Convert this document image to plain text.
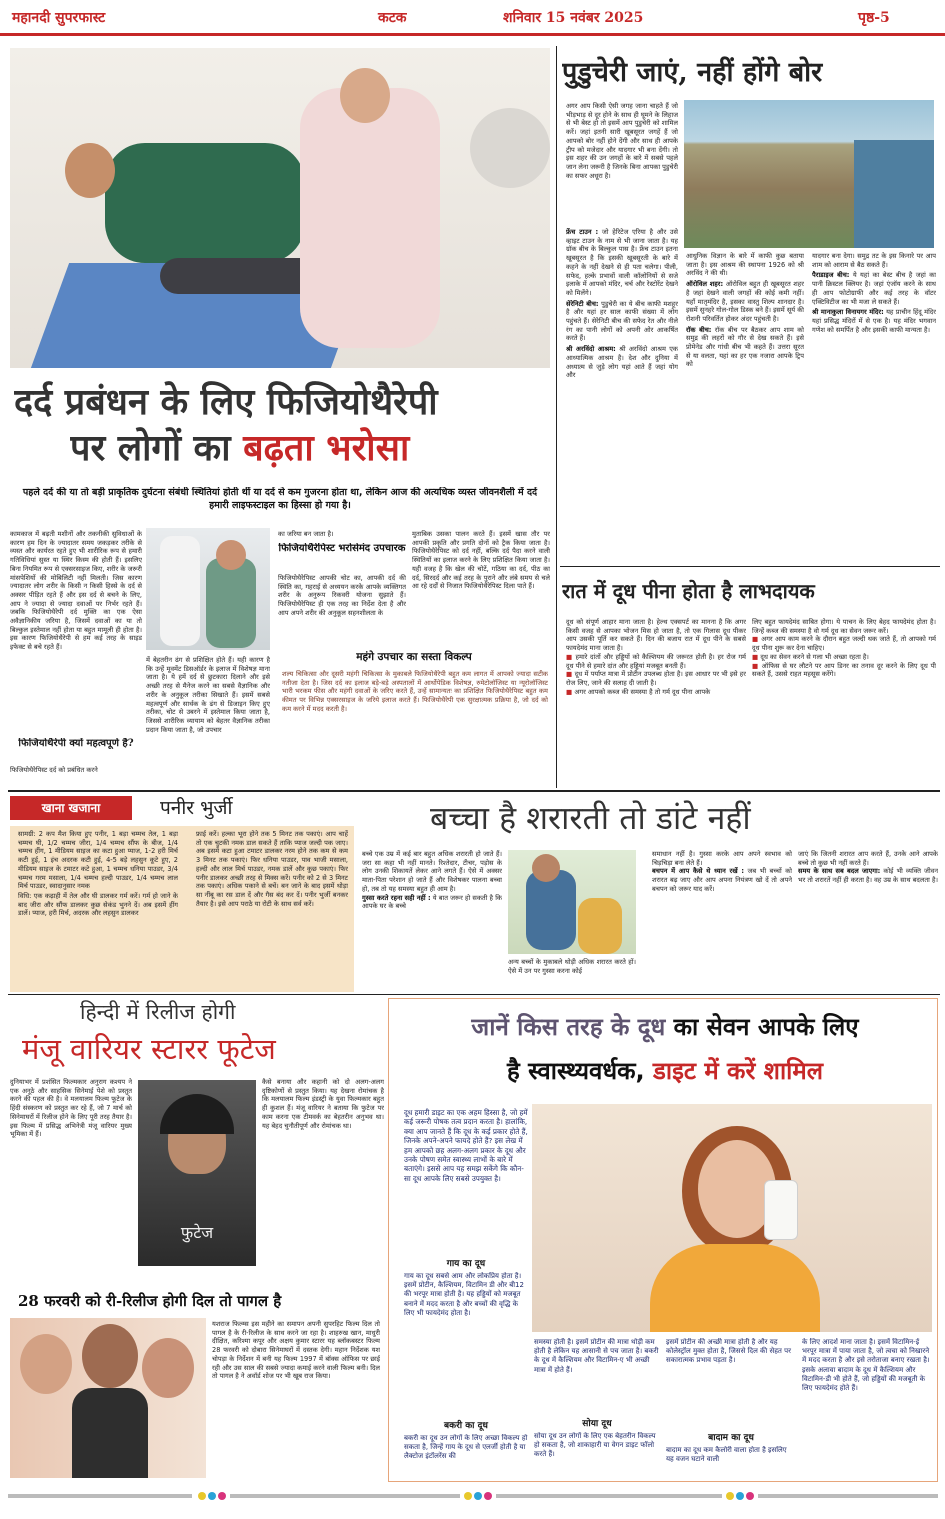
महानदी सुपरफास्ट	कटक	शनिवार 15 नवंबर 2025	पृष्ठ-5
दर्द प्रबंधन के लिए फिजियोथैरेपी
पर लोगों का बढ़ता भरोसा
पहले दर्द की या तो बड़ी प्राकृतिक दुर्घटना संबंधी स्थितियां होती थीं या दर्द से कम गुजरना होता था, लेकिन आज की अत्यधिक व्यस्त जीवनशैली में दर्द हमारी लाइफस्टाइल का हिस्सा हो गया है।
कामकाज में बढ़ती मशीनों और तकनीकी सुविधाओं के कारण हम दिन के ज्यादातर समय जकड़कर तरीके से व्यस्त और कार्यरत रहते हुए भी शारीरिक रूप से हमारी गतिविधियां सुस्त या स्थिर किस्म की होती हैं। इसलिए बिना नियमित रूप से एक्सरसाइज किए, शरीर के जरूरी मांसपेशियों की मोबिलिटी नहीं मिलती। जिस कारण ज्यादातर लोग शरीर के किसी न किसी हिस्से के दर्द से अक्सर पीड़ित रहते हैं और इस दर्द से बचने के लिए, आप ने ज्यादा से ज्यादा दवाओं पर निर्भर रहते हैं। जबकि फिजियोथैरेपी दर्द मुक्ति का एक ऐसा अवैज्ञानिकीय जरिया है, जिसमें दवाओं का या तो बिल्कुल इस्तेमाल नहीं होता या बहुत मामूली ही होता है। इस कारण फिजियोथैरेपी से हम कई तरह के साइड इफेक्ट से बचे रहते हैं।
फिजियोथैरेपी क्यों महत्वपूर्ण है?
फिजियोथैरेपिस्ट दर्द को प्रबंधित करने
में बेहतरीन ढंग से प्रशिक्षित होते हैं। यही कारण है कि उन्हें मूवमेंट डिसऑर्डर के इलाज में विशेषज्ञ माना जाता है। ये हमें दर्द से छुटकारा दिलाने और इसे अच्छी तरह से मैनेज करने का सबसे वैज्ञानिक और शरीर के अनुकूल तरीका सिखाते हैं। इसमें सबसे महत्वपूर्ण और सार्थक के ढंग से डिजाइन किए हुए तरीका, चोट से उबरने में इस्तेमाल किया जाता है, जिससे शारीरिक व्यायाम को बेहतर वैज्ञानिक तरीका प्रदान किया जाता है, जो उपचार
का जरिया बन जाता है।
फिजियोथैरेपिस्ट भरोसेमंद उपचारक
फिजियोथैरेपिस्ट आपकी चोट का, आपकी दर्द की स्थिति का, गहराई से अध्ययन करके आपके व्यक्तिगत शरीर के अनुरूप रिकवरी योजना सुझाते हैं। फिजियोथैरेपिस्ट ही एक तरह का निर्देश देता है और आप अपने शरीर की अनुकूल सहनशीलता के
मुताबिक उसका पालन करते हैं। इसमें खास तौर पर आपकी प्रकृति और प्रगति दोनों को ट्रैक किया जाता है। फिजियोथैरेपिस्ट को दर्द नहीं, बल्कि दर्द पैदा करने वाली स्थितियों का इलाज करने के लिए प्रशिक्षित किया जाता है। यही वजह है कि खेल की चोटें, गठिया का दर्द, पीठ का दर्द, सिरदर्द और कई तरह के पुराने और लंबे समय से चले आ रहे दर्दों से निजात फिजियोथैरेपिस्ट दिला पाते हैं।
महंगे उपचार का सस्ता विकल्प
शल्य चिकित्सा और दूसरी महंगी चिकित्सा के मुकाबले फिजियोथैरेपी बहुत कम लागत में आपको ज्यादा सटीक नतीजा देता है। जिस दर्द का इलाज बड़े-बड़े अस्पतालों में आर्थोपेडिक विशेषज्ञ, रुमेटोलॉजिस्ट या न्यूरोलॉजिस्ट भारी भरकम फीस और महंगी दवाओं के जरिए करते हैं, उन्हें सामान्यतः का प्रशिक्षित फिजियोथैरेपिस्ट बहुत कम कीमत पर विभिन्न एक्सरसाइज के जरिये इलाज करते हैं। फिजियोथैरेपी एक सुरक्षात्मक प्रक्रिया है, जो दर्द को कम करने में मदद करती है।
पुडुचेरी जाएं, नहीं होंगे बोर
अगर आप किसी ऐसी जगह जाना चाहते हैं जो भीड़भाड़ से दूर होने के साथ ही घूमने के लिहाज से भी बेस्ट हो तो इसमें आप पुडुचेरी को शामिल करें। जहां इतनी सारी खूबसूरत जगहें हैं जो आपको बोर नहीं होने देंगी और साथ ही आपके ट्रीप को मजेदार और यादगार भी बना देंगी। तो इस शहर की उन जगहों के बारे में सबसे पहले जान लेना जरूरी है जिनके बिना आपका पुडुचेरी का सफर अधूरा है।
फ्रेंच टाउन : जो हेरिटेज एरिया है और उसे व्हाइट टाउन के नाम से भी जाना जाता है। यह ग्रॉक बीच के बिल्कुल पास है। फ्रेंच टाउन इतना खूबसूरत है कि इसकी खूबसूरती के बारे में कहने के नहीं देखने से ही पता चलेगा। पीली, सफेद, हल्के प्रभावों वाली कॉलोनियों से सजे इलाके में आपको मंदिर, चर्च और रेस्टोरेंट देखने को मिलेंगे।
सेरेनिटी बीच: पुडुचेरी का ये बीच काफी मशहूर है और यहां हर साल काफी संख्या में लोग पहुंचते हैं। सेरेनिटी बीच की सफेद रेत और नीले रंग का पानी लोगों को अपनी ओर आकर्षित करते हैं।
श्री अरविंदो आश्रम: श्री अरविंदो आश्रम एक आध्यात्मिक आश्रम है। देश और दुनिया में अध्यात्म से जुड़े लोग यहां आते हैं जहां योग और
आधुनिक विज्ञान के बारे में काफी कुछ बताया जाता है। इस आश्रम की स्थापना 1926 को श्री अरविंद ने की थी।
ऑरोविल शहर: ऑरोविल बहुत ही खूबसूरत शहर है जहां देखने वाली जगहों की कोई कमी नहीं। यहाँ मातृमंदिर है, इसका वास्तु शिल्प शानदार है। इसमें सुनहरे गोल-गोल डिस्क बने हैं। इसमें सूर्य की रोशनी परिवर्तित होकर अंदर पहुंचती है।
रॉक बीच: रॉक बीच पर बैठकर आप शाम को समुद्र की लहरों को गौर से देख सकते हैं। इसे प्रोमेनेड और गांधी बीच भी कहते हैं। उत्तरा सूरत से या वलता, यहां का हर एक नजारा आपके ट्रिप को
यादगार बना देगा। समुद्र तट के इस किनारे पर आप शाम को आराम से बैठ सकते हैं।
पैराडाइज बीच: ये यहां का बेस्ट बीच है जहां का पानी क्रिस्टल क्लियर है। जहां एंजॉय करने के साथ ही आप फोटोग्राफी और कई तरह के वॉटर एक्टिविटीज का भी मजा ले सकते हैं।
श्री मानाकुला विनायगर मंदिर: यह प्राचीन हिंदू मंदिर यहां प्रसिद्ध मंदिरों में से एक है। यह मंदिर भगवान गणेश को समर्पित है और इसकी काफी मान्यता है।
रात में दूध पीना होता है लाभदायक
दूध को संपूर्ण आहार माना जाता है। हेल्थ एक्सपर्ट का मानना है कि अगर किसी वजह से आपका भोजन मिस हो जाता है, तो एक गिलास दूध पीकर आप उसकी पूर्ति कर सकते हैं। दिन की बजाय रात में दूध पीने के सबसे फायदेमंद माना जाता है।
■ हमारे दांतों और हड्डियों को कैल्शियम की जरूरत होती है। हर रोज गर्म दूध पीने से हमारे दांत और हड्डियां मजबूत बनती हैं।
■ दूध में पर्याप्त मात्रा में प्रोटीन उपलब्ध होता है। इस आधार पर भी इसे हर रोज लिए, जाने की सलाह दी जाती है।
■ अगर आपको कब्ज की समस्या है तो गर्म दूध पीना आपके
लिए बहुत फायदेमंद साबित होगा। ये पाचन के लिए बेहद फायदेमंद होता है। जिन्हें कब्ज की समस्या है वो गर्म दूध का सेवन जरूर करें।
■ अगर आप काम करने के दौरान बहुत जल्दी थक जाते हैं, तो आपको गर्म दूध पीना शुरू कर देना चाहिए।
■ दूध का सेवन करने से गला भी अच्छा रहता है।
■ ऑफिस से घर लौटने पर आप डिनर का तनाव दूर करने के लिए दूध पी सकते हैं, उससे राहत महसूस करेंगे।
खाना खजाना	पनीर भुर्जी
सामग्री: 2 कप मैश किया हुए पनीर, 1 बड़ा चम्मच तेल, 1 बड़ा चम्मच घी, 1/2 चम्मच जीरा, 1/4 चम्मच सौंफ के बीज, 1/4 चम्मच हींग, 1 मीडियम साइज का कटा हुआ प्याज, 1-2 हरी मिर्च कटी हुई, 1 इंच अदरक कटी हुई, 4-5 बड़े लहसुन कूटे हुए, 2 मीडियम साइज के टमाटर कटे हुआ, 1 चम्मच धनिया पाउडर, 3/4 चम्मच गरम मसाला, 1/4 चम्मच हल्दी पाउडर, 1/4 चम्मच लाल मिर्च पाउडर, स्वादानुसार नमक
विधि: एक कढ़ाही में तेल और घी डालकर गर्म करें। गर्म हो जाने के बाद जीरा और सौंफ डालकर कुछ सेकंड भुनने दें। अब इसमें हींग डालें। प्याज, हरी मिर्च, अदरक और लहसुन डालकर
फ्राई करें। हल्का भूरा होने तक 5 मिनट तक पकाएं। आप चाहें तो एक चुटकी नमक डाल सकते हैं ताकि प्याज जल्दी पक जाए। अब इसमें कटा हुआ टमाटर डालकर नरम होने तक कम से कम 3 मिनट तक पकाएं। फिर धनिया पाउडर, पाव भाजी मसाला, हल्दी और लाल मिर्च पाउडर, नमक डालें और कुछ पकाएं। फिर पनीर डालकर अच्छी तरह से मिक्स करें। पनीर को 2 से 3 मिनट तक पकाएं। अधिक पकाने से बचें। बन जाने के बाद इसमें थोड़ा सा नींबू का रस डाल दें और गैस बंद कर दें। पनीर भुर्जी बनकर तैयार है। इसे आप पराठे या रोटी के साथ सर्व करें।
बच्चा है शरारती तो डांटे नहीं
बच्चे एक उम्र में कई बार बहुत अधिक शरारती हो जाते हैं। जरा सा कहा भी नहीं मानते। रिश्तेदार, टीचर, पड़ोस के लोग उनकी शिकायतें लेकर आने लगते हैं। ऐसे में अक्सर माता-पिता परेशान हो जाते हैं और विशेषकर पालना बच्चा हो, तब तो यह समस्या बहुत ही आम है।
गुस्सा करते रहना सही नहीं : ये बात जरूर हो सकती है कि आपके घर के बच्चे
अन्य बच्चों के मुकाबले थोड़ी अधिक शरारत करते हों। ऐसे में उन पर गुस्सा करना कोई
समाधान नहीं है। गुस्सा करके आप अपने स्वभाव को चिड़चिड़ा बना लेते हैं।
बचपन में आप कैसे थे ध्यान रखें : जब भी बच्चों को शरारत बढ़ जाए और आप अपना नियंत्रण खो दें तो अपने बचपन को जरूर याद करें।
जाएं कि जितनी शरारत आप करते हैं, उनके आने आपके बच्चे तो कुछ भी नहीं करते हैं।
समय के साथ सब बदल जाएगा: कोई भी व्यक्ति जीवन भर तो शरारतें नहीं ही करता है। वह उम्र के साथ बदलता है।
हिन्दी में रिलीज होगी
मंजू वारियर स्टारर फूटेज
दुनियाभर में प्रशंसित फिल्मकार अनुराग कश्यप ने एक अनूठे और साहसिक सिनेमाई पेशे को प्रस्तुत करने की पहल की है। वे मलयालम फिल्म फूटेज के हिंदी संस्करण को प्रस्तुत कर रहे हैं, जो 7 मार्च को सिनेमाघरों में रिलीज होने के लिए पूरी तरह तैयार है। इस फिल्म में प्रसिद्ध अभिनेत्री मंजू वारियर मुख्य भूमिका में हैं।
फुटेज
कैसे बनाया और कहानी को दो अलग-अलग दृष्टिकोणों से प्रस्तुत किया। यह देखना रोमांचक है कि मलयालम फिल्म इंडस्ट्री के युवा फिल्मकार बहुत ही कुशल हैं। मंजू वारियर ने बताया कि फुटेज पर काम करना एक टीमवर्क का बेहतरीन अनुभव था। यह बेहद चुनौतीपूर्ण और रोमांचक था।
28 फरवरी को री-रिलीज होगी दिल तो पागल है
यशराज फिल्म्स इस महीने का समापन अपनी सुपरहिट फिल्म दिल तो पागल है के री-रिलीज के साथ करने जा रहा है। शाहरुख खान, माधुरी दीक्षित, करिश्मा कपूर और अक्षय कुमार स्टारर यह ब्लॉकबस्टर फिल्म 28 फरवरी को दोबारा सिनेमाघरों में दस्तक देगी। महान निर्देशक यश चोपड़ा के निर्देशन में बनी यह फिल्म 1997 में बॉक्स ऑफिस पर छाई रही और उस साल की सबसे ज्यादा कमाई करने वाली फिल्म बनी। दिल तो पागल है ने अवॉर्ड शोज पर भी खूब राज किया।
जानें किस तरह के दूध का सेवन आपके लिए
है स्वास्थ्यवर्धक, डाइट में करें शामिल
दूध हमारी डाइट का एक अहम हिस्सा है, जो हमें कई जरूरी पोषक तत्व प्रदान करता है। हालांकि, क्या आप जानते हैं कि दूध के कई प्रकार होते हैं, जिनके अपने-अपने फायदे होते हैं? इस लेख में हम आपको छह अलग-अलग प्रकार के दूध और उनके पोषण समेत स्वास्थ्य लाभों के बारे में बताएंगे। इससे आप यह समझ सकेंगे कि कौन-सा दूध आपके लिए सबसे उपयुक्त है।
गाय का दूध
गाय का दूध सबसे आम और लोकप्रिय होता है। इसमें प्रोटीन, कैल्शियम, विटामिन डी और बी12 की भरपूर मात्रा होती है। यह हड्डियों को मजबूत बनाने में मदद करता है और बच्चों की वृद्धि के लिए भी फायदेमंद होता है।
बकरी का दूध
बकरी का दूध उन लोगों के लिए अच्छा विकल्प हो सकता है, जिन्हें गाय के दूध से एलर्जी होती है या लैक्टोज इंटॉलरेंस की
समस्या होती है। इसमें प्रोटीन की मात्रा थोड़ी कम होती है लेकिन यह आसानी से पच जाता है। बकरी के दूध में कैल्शियम और विटामिन-ए भी अच्छी मात्रा में होते हैं।
सोया दूध
सोया दूध उन लोगों के लिए एक बेहतरीन विकल्प हो सकता है, जो शाकाहारी या वेगन डाइट फॉलो करते हैं।
इसमें प्रोटीन की अच्छी मात्रा होती है और यह कोलेस्ट्रॉल मुक्त होता है, जिससे दिल की सेहत पर सकारात्मक प्रभाव पड़ता है।
बादाम का दूध
बादाम का दूध कम कैलोरी वाला होता है इसलिए यह वजन घटाने वाली
के लिए आदर्श माना जाता है। इसमें विटामिन-ई भरपूर मात्रा में पाया जाता है, जो त्वचा को निखारने में मदद करता है और इसे तरोताजा बनाए रखता है। इसके अलावा बादाम के दूध में कैल्शियम और विटामिन-डी भी होते हैं, जो हड्डियों की मजबूती के लिए फायदेमंद होते हैं।
